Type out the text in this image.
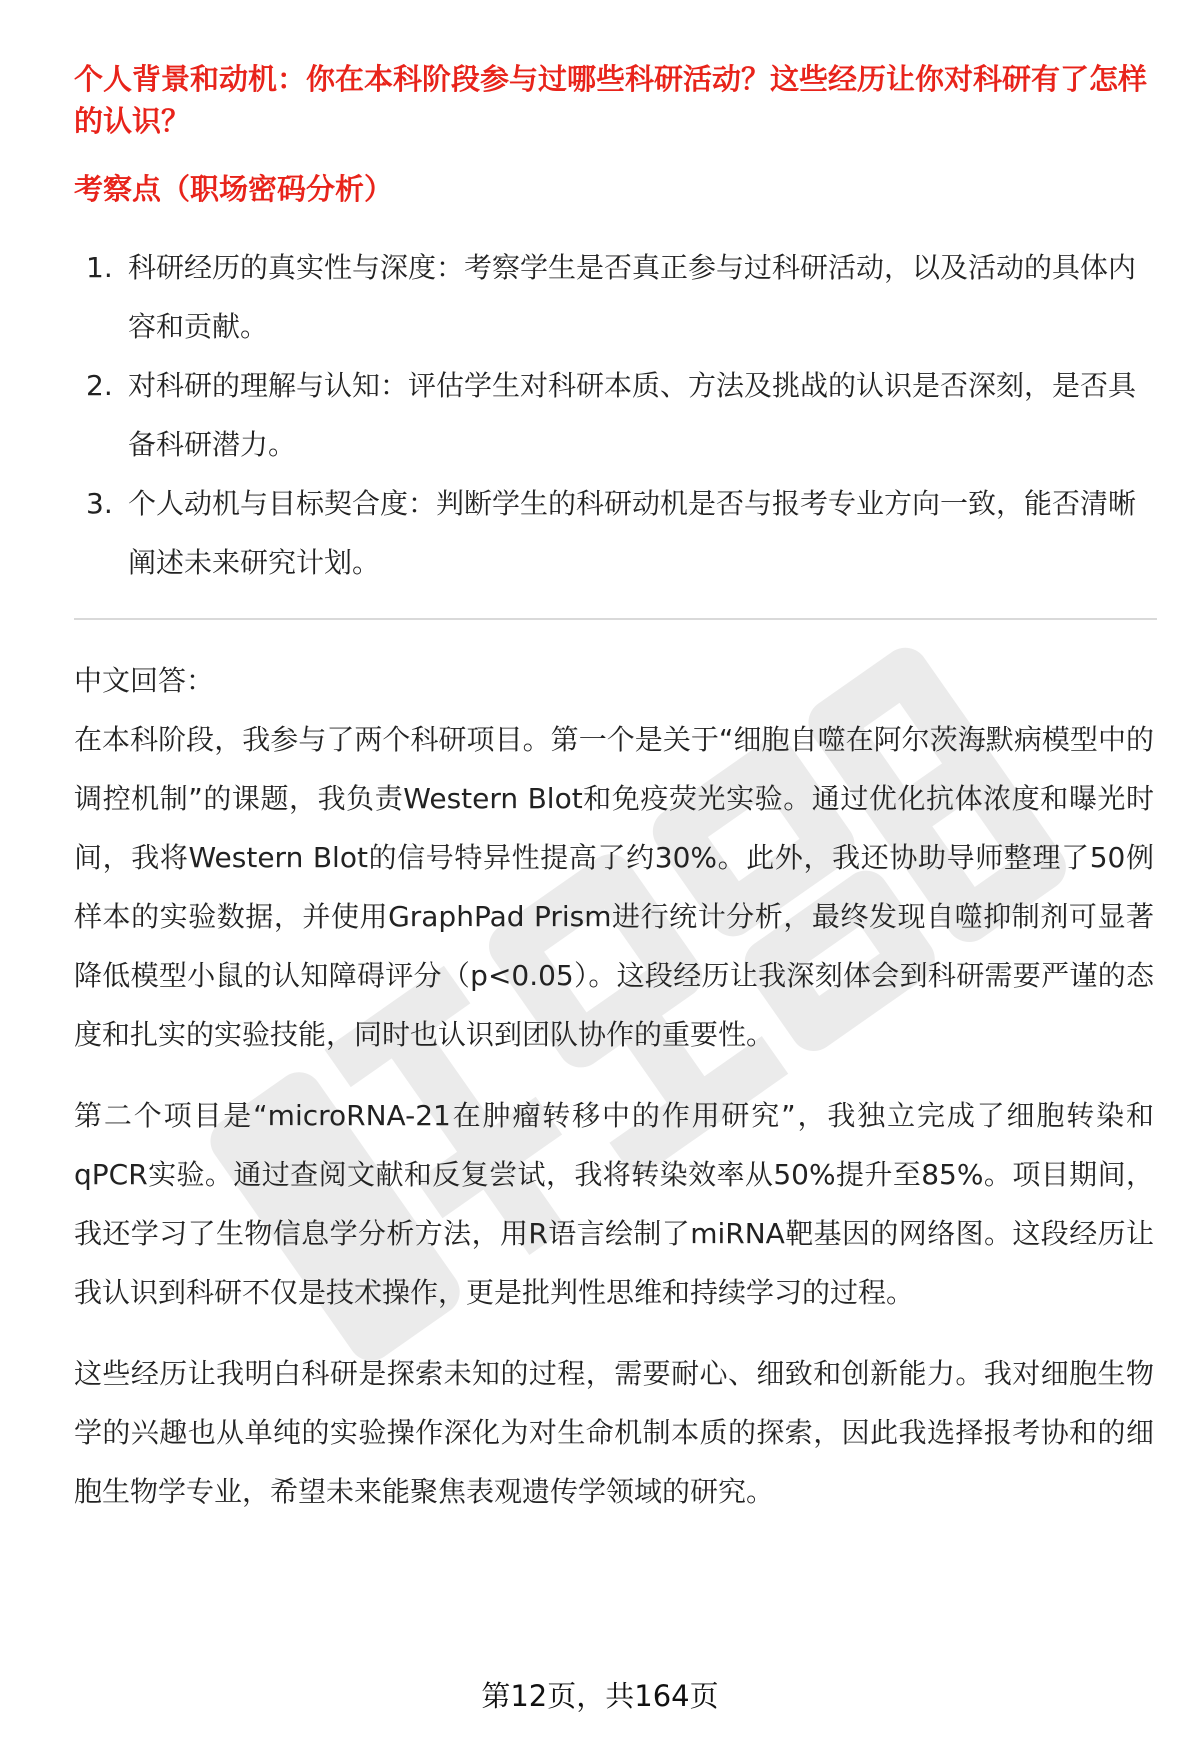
个人背景和动机：你在本科阶段参与过哪些科研活动？这些经历让你对科研有了怎样的认识？

考察点（职场密码分析）

1. 科研经历的真实性与深度：考察学生是否真正参与过科研活动，以及活动的具体内容和贡献。
2. 对科研的理解与认知：评估学生对科研本质、方法及挑战的认识是否深刻，是否具备科研潜力。
3. 个人动机与目标契合度：判断学生的科研动机是否与报考专业方向一致，能否清晰阐述未来研究计划。
中文回答：

在本科阶段，我参与了两个科研项目。第一个是关于“细胞自噬在阿尔茨海默病模型中的调控机制”的课题，我负责Western Blot和免疫荧光实验。通过优化抗体浓度和曝光时间，我将Western Blot的信号特异性提高了约30%。此外，我还协助导师整理了50例样本的实验数据，并使用GraphPad Prism进行统计分析，最终发现自噬抑制剂可显著降低模型小鼠的认知障碍评分（p<0.05）。这段经历让我深刻体会到科研需要严谨的态度和扎实的实验技能，同时也认识到团队协作的重要性。

第二个项目是“microRNA-21在肿瘤转移中的作用研究”，我独立完成了细胞转染和qPCR实验。通过查阅文献和反复尝试，我将转染效率从50%提升至85%。项目期间，我还学习了生物信息学分析方法，用R语言绘制了miRNA靶基因的网络图。这段经历让我认识到科研不仅是技术操作，更是批判性思维和持续学习的过程。

这些经历让我明白科研是探索未知的过程，需要耐心、细致和创新能力。我对细胞生物学的兴趣也从单纯的实验操作深化为对生命机制本质的探索，因此我选择报考协和的细胞生物学专业，希望未来能聚焦表观遗传学领域的研究。

第12页，共164页
